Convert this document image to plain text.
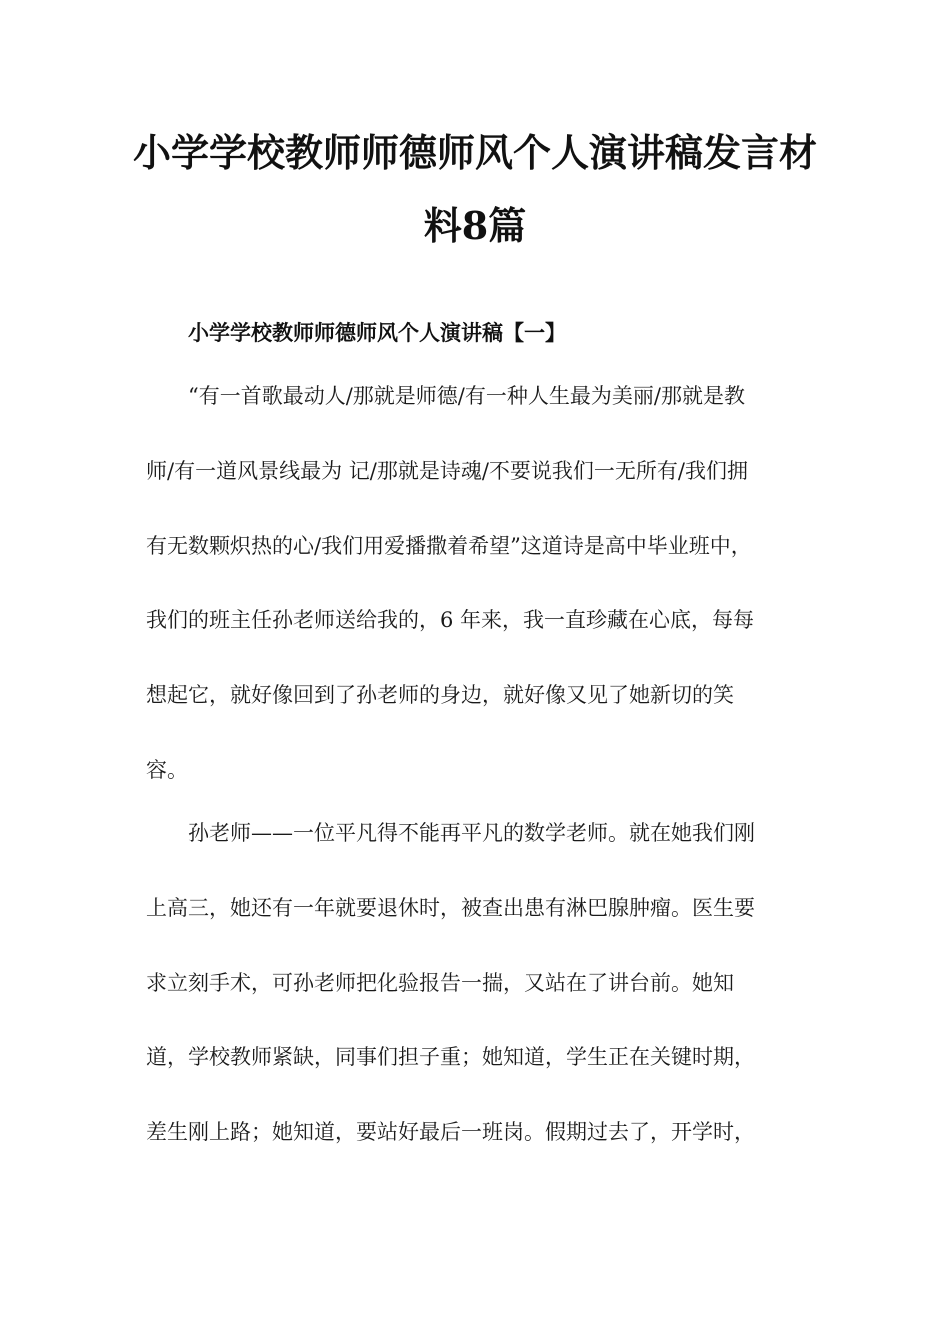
小学学校教师师德师风个人演讲稿发言材
料8篇
小学学校教师师德师风个人演讲稿【一】
“有一首歌最动人/那就是师德/有一种人生最为美丽/那就是教
师/有一道风景线最为 记/那就是诗魂/不要说我们一无所有/我们拥
有无数颗炽热的心/我们用爱播撒着希望”这道诗是高中毕业班中，
我们的班主任孙老师送给我的，6 年来，我一直珍藏在心底，每每
想起它，就好像回到了孙老师的身边，就好像又见了她新切的笑
容。
孙老师——一位平凡得不能再平凡的数学老师。就在她我们刚
上高三，她还有一年就要退休时，被查出患有淋巴腺肿瘤。医生要
求立刻手术，可孙老师把化验报告一揣，又站在了讲台前。她知
道，学校教师紧缺，同事们担子重；她知道，学生正在关键时期，
差生刚上路；她知道，要站好最后一班岗。假期过去了，开学时，
